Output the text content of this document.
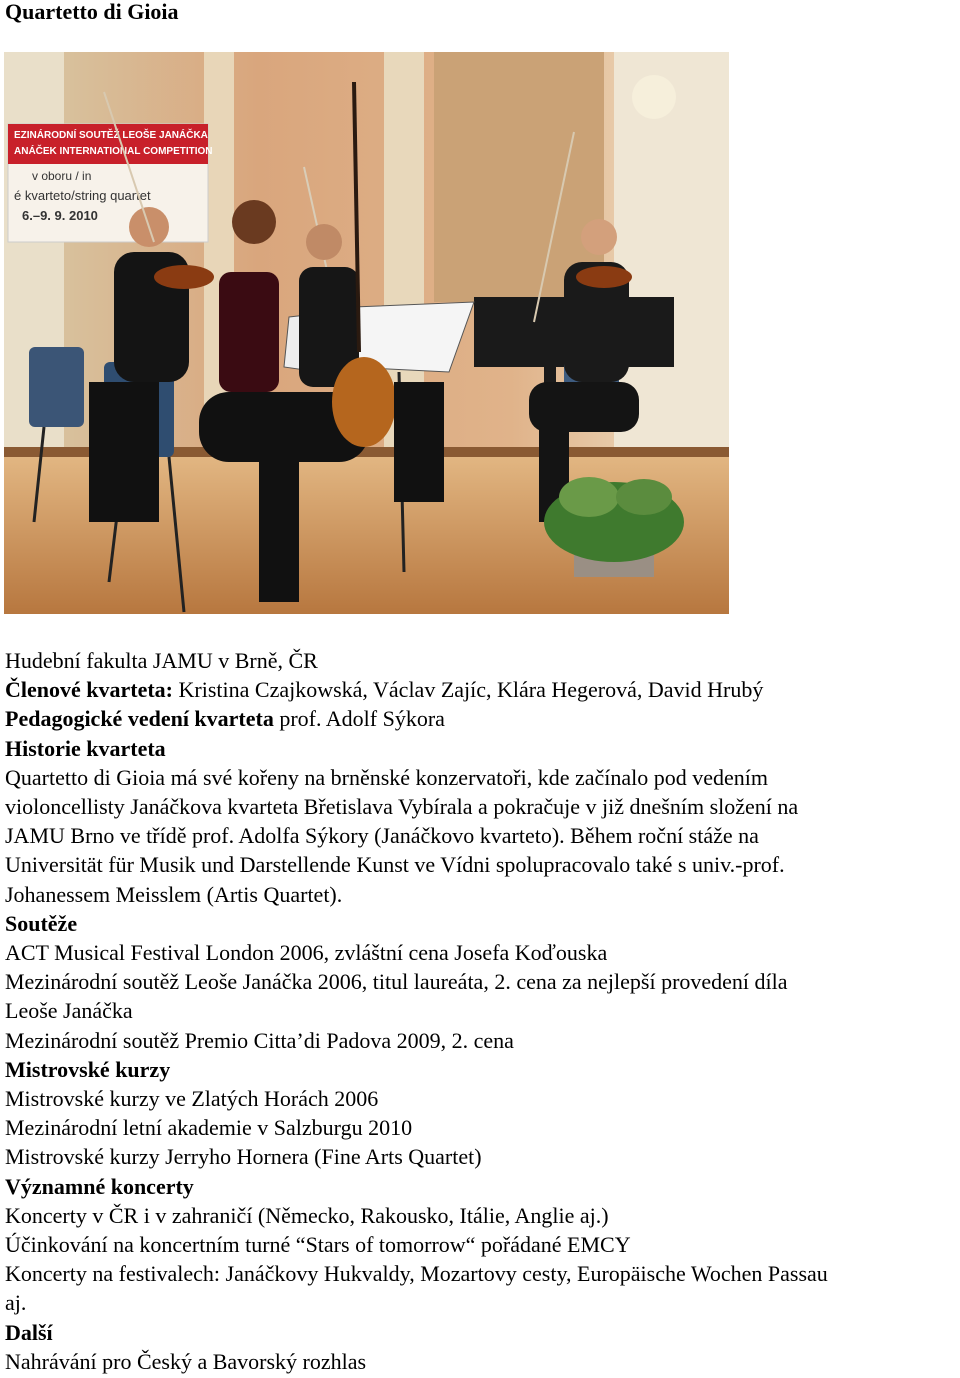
Quartetto di Gioia
EZINÁRODNÍ SOUTĚŽ LEOŠE JANÁČKA
ANÁČEK INTERNATIONAL COMPETITION
v oboru / in
é kvarteto/string quartet
6.–9. 9. 2010
Hudební fakulta JAMU v Brně, ČR
Členové kvarteta: Kristina Czajkowská, Václav Zajíc, Klára Hegerová, David Hrubý
Pedagogické vedení kvarteta prof. Adolf Sýkora
Historie kvarteta
Quartetto di Gioia má své kořeny na brněnské konzervatoři, kde začínalo pod vedením
violoncellisty Janáčkova kvarteta Břetislava Vybírala a pokračuje v již dnešním složení na
JAMU Brno ve třídě prof. Adolfa Sýkory (Janáčkovo kvarteto). Během roční stáže na
Universität für Musik und Darstellende Kunst ve Vídni spolupracovalo také s univ.-prof.
Johanessem Meisslem (Artis Quartet).
Soutěže
ACT Musical Festival London 2006, zvláštní cena Josefa Koďouska
Mezinárodní soutěž Leoše Janáčka 2006, titul laureáta, 2. cena za nejlepší provedení díla
Leoše Janáčka
Mezinárodní soutěž Premio Citta’di Padova 2009, 2. cena
Mistrovské kurzy
Mistrovské kurzy ve Zlatých Horách 2006
Mezinárodní letní akademie v Salzburgu 2010
Mistrovské kurzy Jerryho Hornera (Fine Arts Quartet)
Významné koncerty
Koncerty v ČR i v zahraničí (Německo, Rakousko, Itálie, Anglie aj.)
Účinkování na koncertním turné “Stars of tomorrow“ pořádané EMCY
Koncerty na festivalech: Janáčkovy Hukvaldy, Mozartovy cesty, Europäische Wochen Passau
aj.
Další
Nahrávání pro Český a Bavorský rozhlas
